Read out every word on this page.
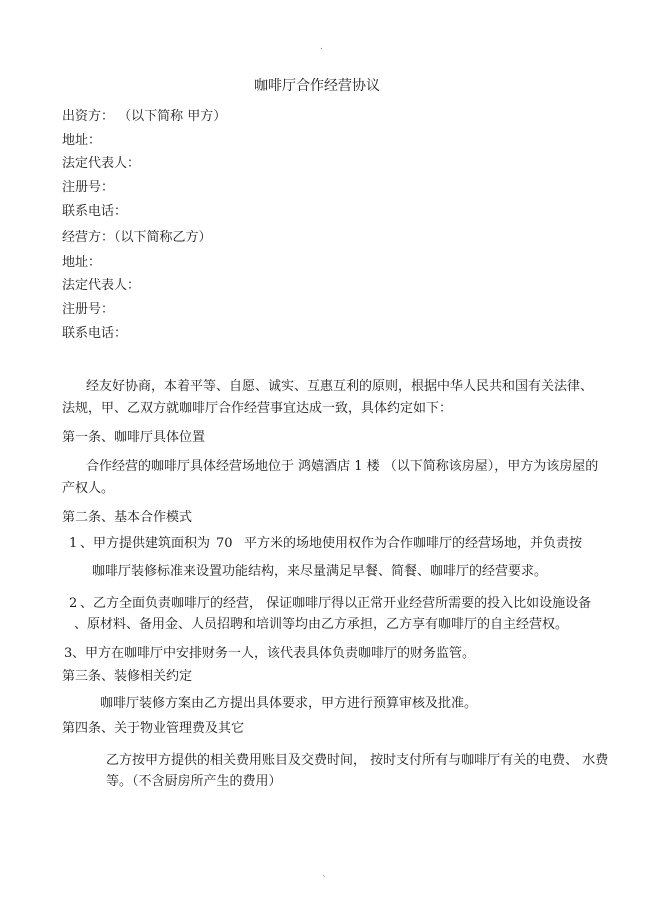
.
咖啡厅合作经营协议
出资方： （以下简称 甲方）
地址：
法定代表人：
注册号：
联系电话：
经营方：（以下简称乙方）
地址：
法定代表人：
注册号：
联系电话：
经友好协商，本着平等、自愿、诚实、互惠互利的原则，根据中华人民共和国有关法律、
法规，甲、乙双方就咖啡厅合作经营事宜达成一致，具体约定如下：
第一条、咖啡厅具体位置
合作经营的咖啡厅具体经营场地位于 鸿嬉酒店 1 楼 （以下简称该房屋），甲方为该房屋的
产权人。
第二条、基本合作模式
1 、甲方提供建筑面积为 70 平方米的场地使用权作为合作咖啡厅的经营场地，并负责按
咖啡厅装修标准来设置功能结构，来尽量满足早餐、简餐、咖啡厅的经营要求。
2 、乙方全面负责咖啡厅的经营， 保证咖啡厅得以正常开业经营所需要的投入比如设施设备
、原材料、备用金、人员招聘和培训等均由乙方承担，乙方享有咖啡厅的自主经营权。
3 、甲方在咖啡厅中安排财务一人，该代表具体负责咖啡厅的财务监管。
第三条、装修相关约定
咖啡厅装修方案由乙方提出具体要求，甲方进行预算审核及批准。
第四条、关于物业管理费及其它
乙方按甲方提供的相关费用账目及交费时间， 按时支付所有与咖啡厅有关的电费、 水费
等。（不含厨房所产生的费用）
`
